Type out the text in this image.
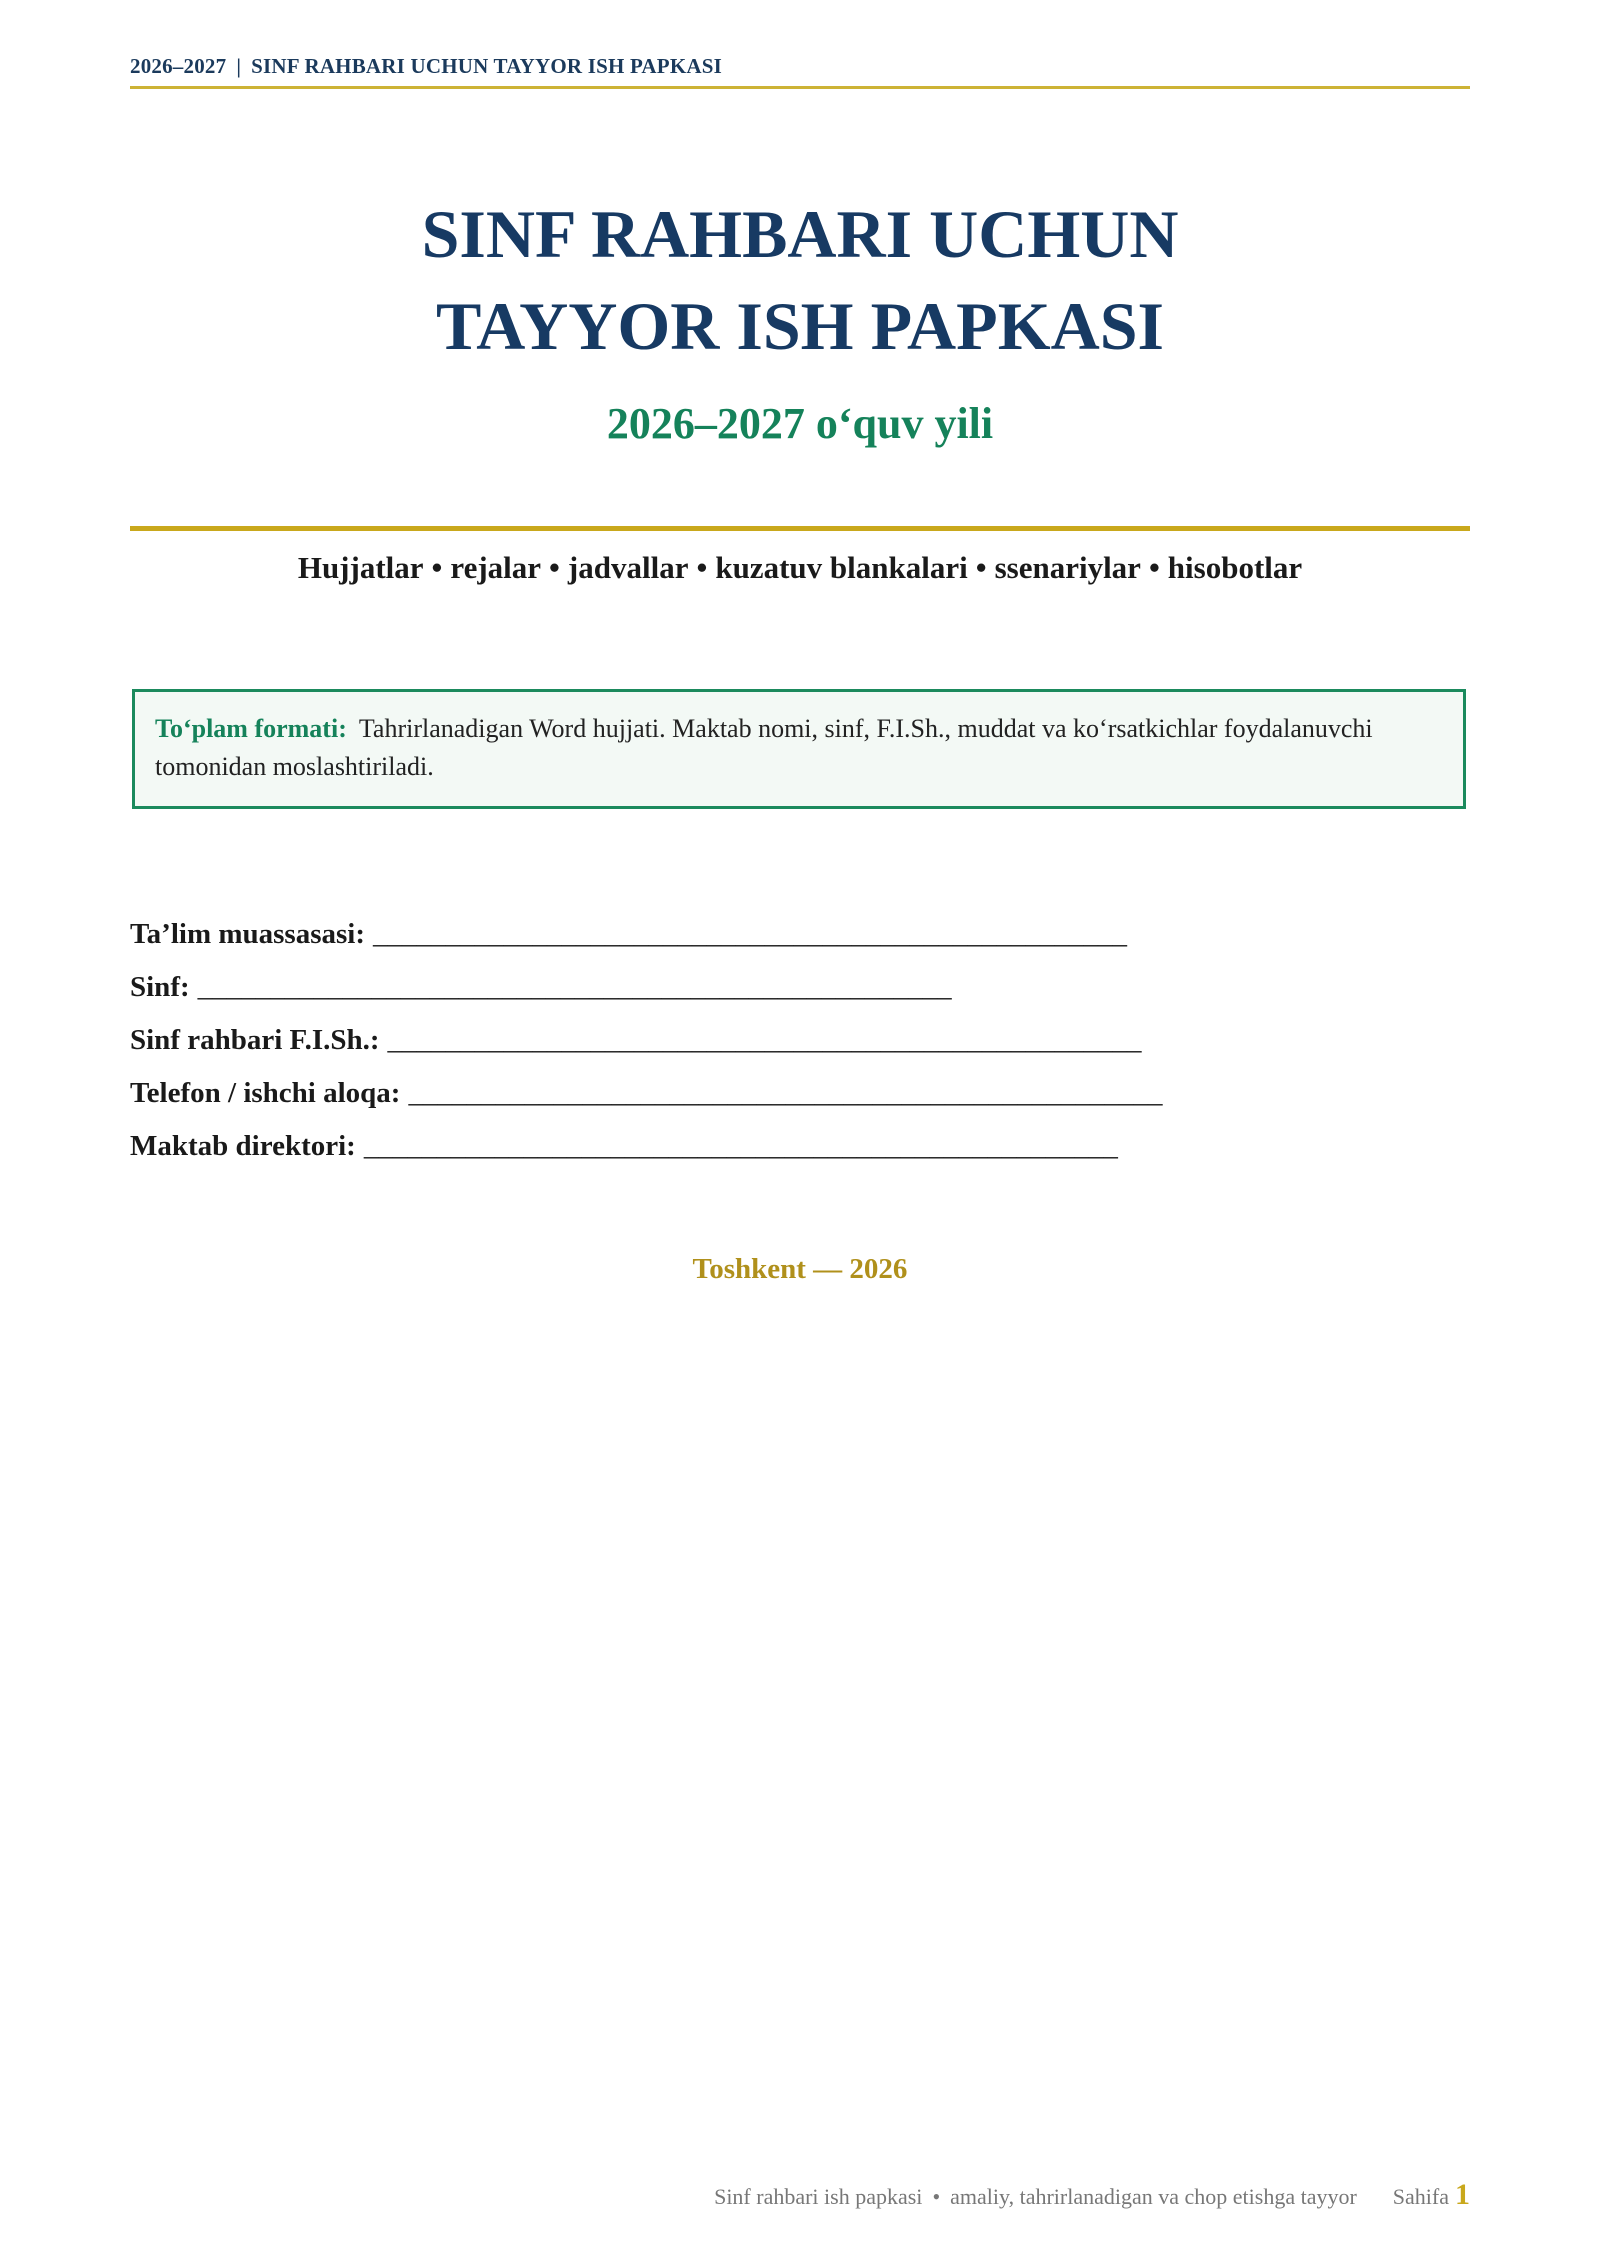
2026–2027 | SINF RAHBARI UCHUN TAYYOR ISH PAPKASI
SINF RAHBARI UCHUN
TAYYOR ISH PAPKASI
2026–2027 o‘quv yili
Hujjatlar • rejalar • jadvallar • kuzatuv blankalari • ssenariylar • hisobotlar
To‘plam formati: Tahrirlanadigan Word hujjati. Maktab nomi, sinf, F.I.Sh., muddat va ko‘rsatkichlar foydalanuvchi tomonidan moslashtiriladi.
Ta’lim muassasasi: ____________________________________________________
Sinf: ____________________________________________________
Sinf rahbari F.I.Sh.: ____________________________________________________
Telefon / ishchi aloqa: ____________________________________________________
Maktab direktori: ____________________________________________________
Toshkent — 2026
Sinf rahbari ish papkasi • amaliy, tahrirlanadigan va chop etishga tayyor Sahifa 1
